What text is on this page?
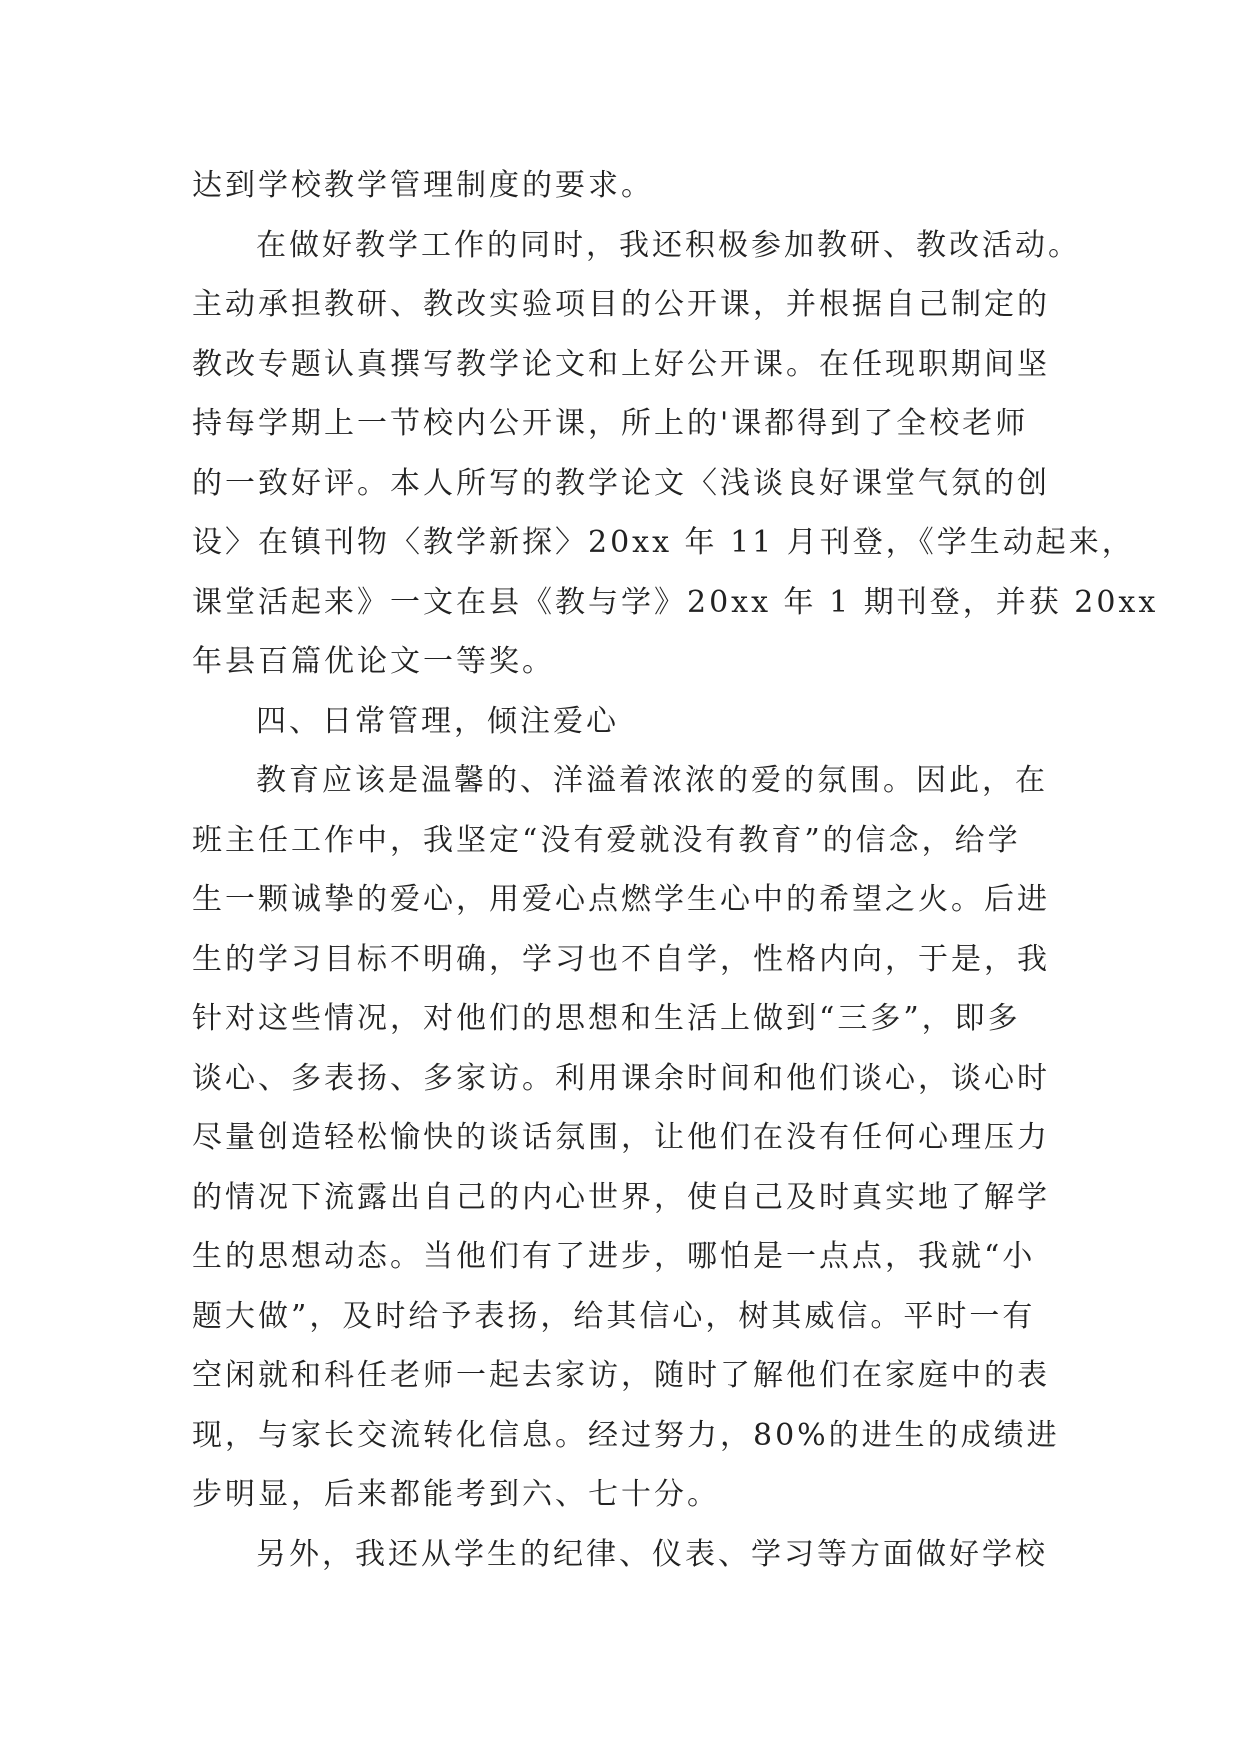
达到学校教学管理制度的要求。
在做好教学工作的同时，我还积极参加教研、教改活动。
主动承担教研、教改实验项目的公开课，并根据自己制定的
教改专题认真撰写教学论文和上好公开课。在任现职期间坚
持每学期上一节校内公开课，所上的'课都得到了全校老师
的一致好评。本人所写的教学论文〈浅谈良好课堂气氛的创
设〉在镇刊物〈教学新探〉20xx 年 11 月刊登，《学生动起来，
课堂活起来》一文在县《教与学》20xx 年 1 期刊登，并获 20xx
年县百篇优论文一等奖。
四、日常管理，倾注爱心
教育应该是温馨的、洋溢着浓浓的爱的氛围。因此，在
班主任工作中，我坚定“没有爱就没有教育”的信念，给学
生一颗诚挚的爱心，用爱心点燃学生心中的希望之火。后进
生的学习目标不明确，学习也不自学，性格内向，于是，我
针对这些情况，对他们的思想和生活上做到“三多”，即多
谈心、多表扬、多家访。利用课余时间和他们谈心，谈心时
尽量创造轻松愉快的谈话氛围，让他们在没有任何心理压力
的情况下流露出自己的内心世界，使自己及时真实地了解学
生的思想动态。当他们有了进步，哪怕是一点点，我就“小
题大做”，及时给予表扬，给其信心，树其威信。平时一有
空闲就和科任老师一起去家访，随时了解他们在家庭中的表
现，与家长交流转化信息。经过努力，80%的进生的成绩进
步明显，后来都能考到六、七十分。
另外，我还从学生的纪律、仪表、学习等方面做好学校
